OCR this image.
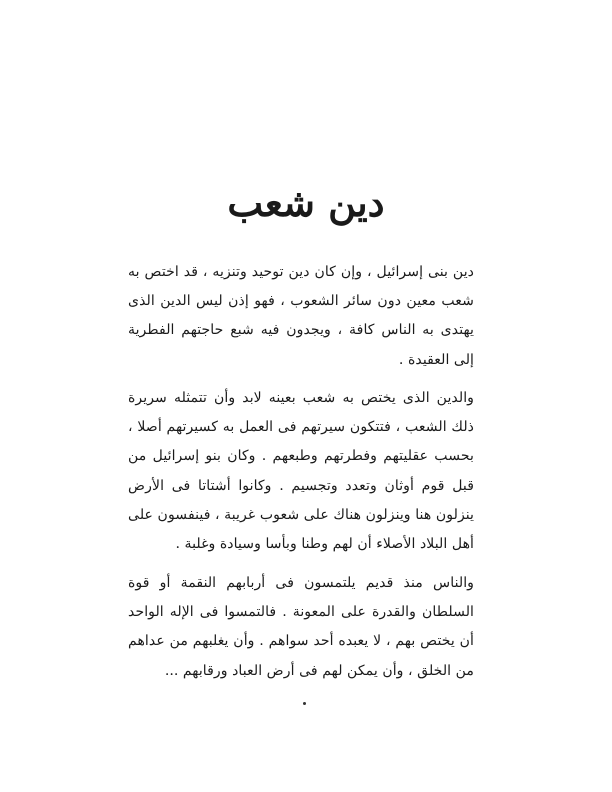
دين شعب
دين بنى إسرائيل ، وإن كان دين توحيد وتنزيه ، قد اختص به شعب معين دون سائر الشعوب ، فهو إذن ليس الدين الذى يهتدى به الناس كافة ، ويجدون فيه شبع حاجتهم الفطرية إلى العقيدة .
والدين الذى يختص به شعب بعينه لابد وأن تتمثله سريرة ذلك الشعب ، فتتكون سيرتهم فى العمل به كسيرتهم أصلا ، بحسب عقليتهم وفطرتهم وطبعهم . وكان بنو إسرائيل من قبل قوم أوثان وتعدد وتجسيم . وكانوا أشتاتا فى الأرض ينزلون هنا وينزلون هناك على شعوب غريبة ، فينفسون على أهل البلاد الأصلاء أن لهم وطنا وبأسا وسيادة وغلبة .
والناس منذ قديم يلتمسون فى أربابهم النقمة أو قوة السلطان والقدرة على المعونة . فالتمسوا فى الإله الواحد أن يختص بهم ، لا يعبده أحد سواهم . وأن يغلبهم من عداهم من الخلق ، وأن يمكن لهم فى أرض العباد ورقابهم ...
